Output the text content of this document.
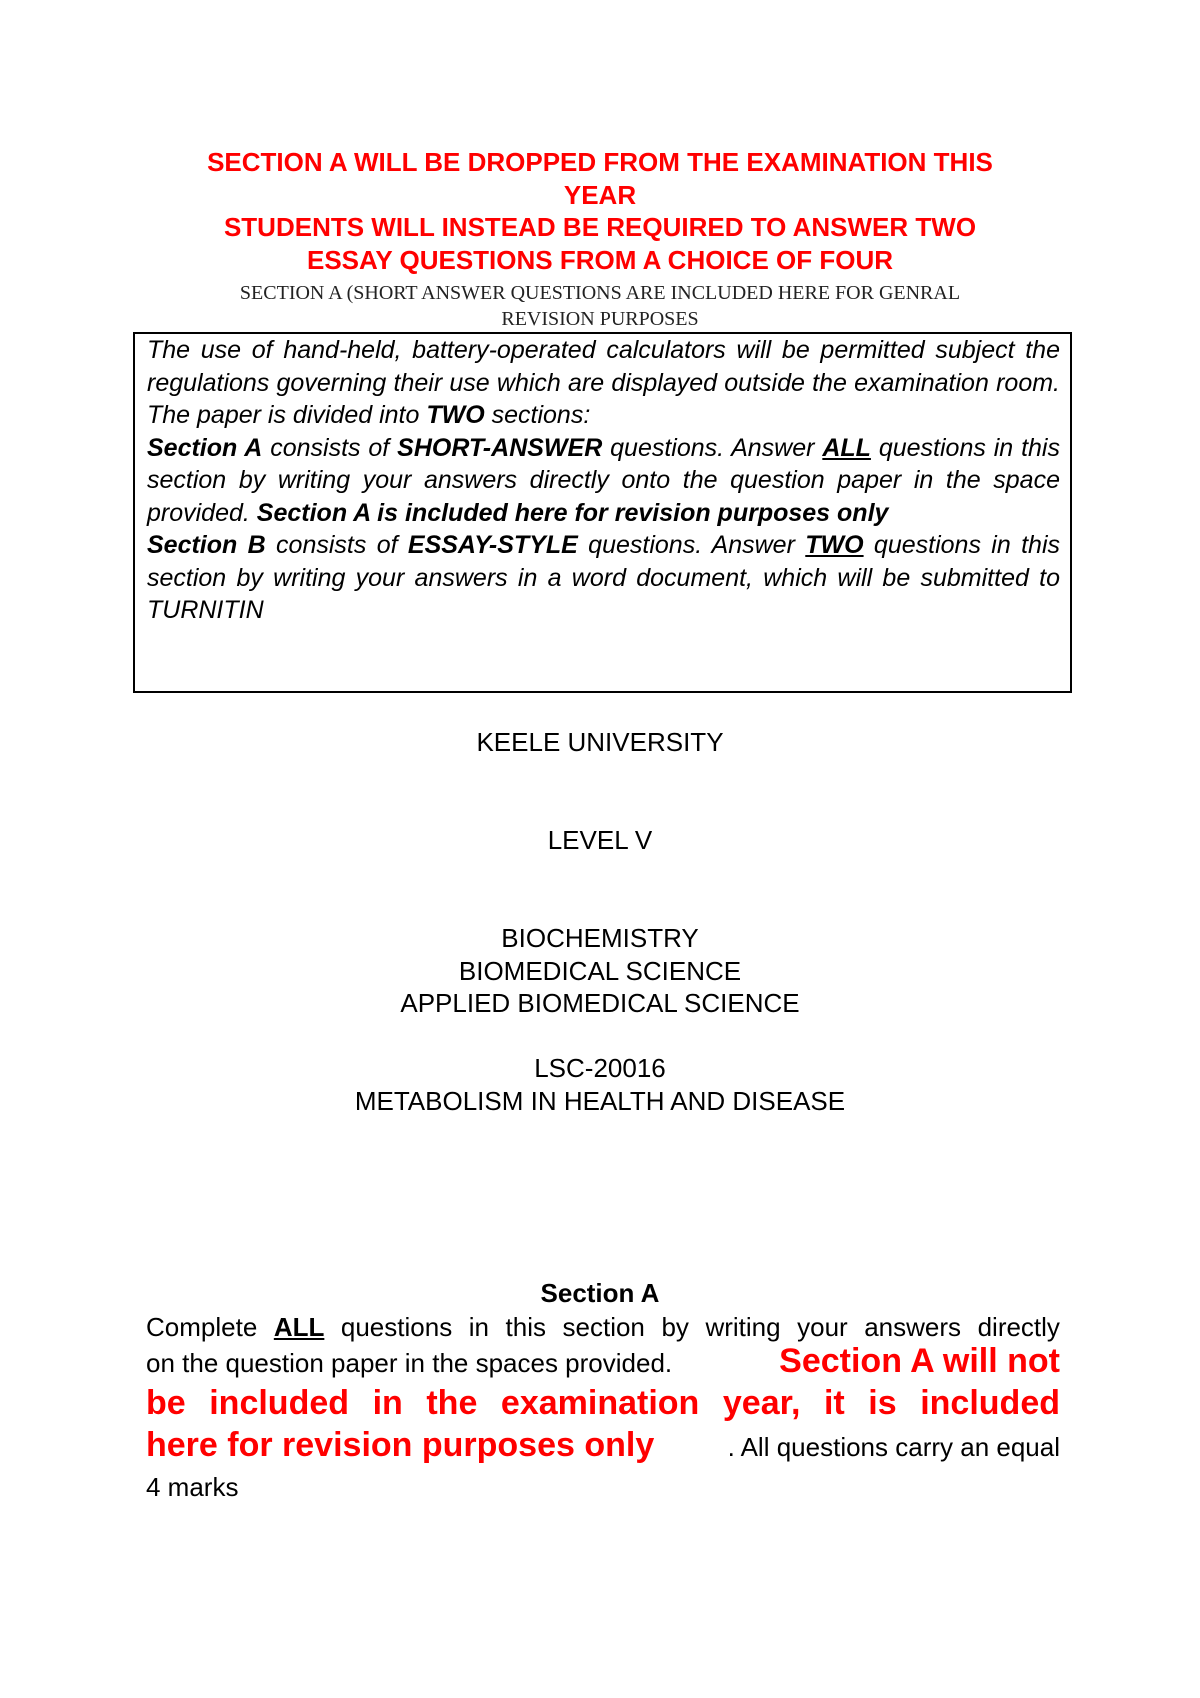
SECTION A WILL BE DROPPED FROM THE EXAMINATION THIS
YEAR
STUDENTS WILL INSTEAD BE REQUIRED TO ANSWER TWO
ESSAY QUESTIONS FROM A CHOICE OF FOUR
SECTION A (SHORT ANSWER QUESTIONS ARE INCLUDED HERE FOR GENRAL
REVISION PURPOSES

The use of hand-held, battery-operated calculators will be permitted subject the regulations governing their use which are displayed outside the examination room.

The paper is divided into TWO sections:

Section A consists of SHORT-ANSWER questions. Answer ALL questions in this section by writing your answers directly onto the question paper in the space provided. Section A is included here for revision purposes only

Section B consists of ESSAY-STYLE questions. Answer TWO questions in this section by writing your answers in a word document, which will be submitted to TURNITIN

KEELE UNIVERSITY
LEVEL V
BIOCHEMISTRY
BIOMEDICAL SCIENCE
APPLIED BIOMEDICAL SCIENCE
LSC-20016
METABOLISM IN HEALTH AND DISEASE
Section A
Complete ALL questions in this section by writing your answers directly
on the question paper in the spaces provided.	Section A will not
be included in the examination year, it is included
here for revision purposes only	. All questions carry an equal
4 marks
